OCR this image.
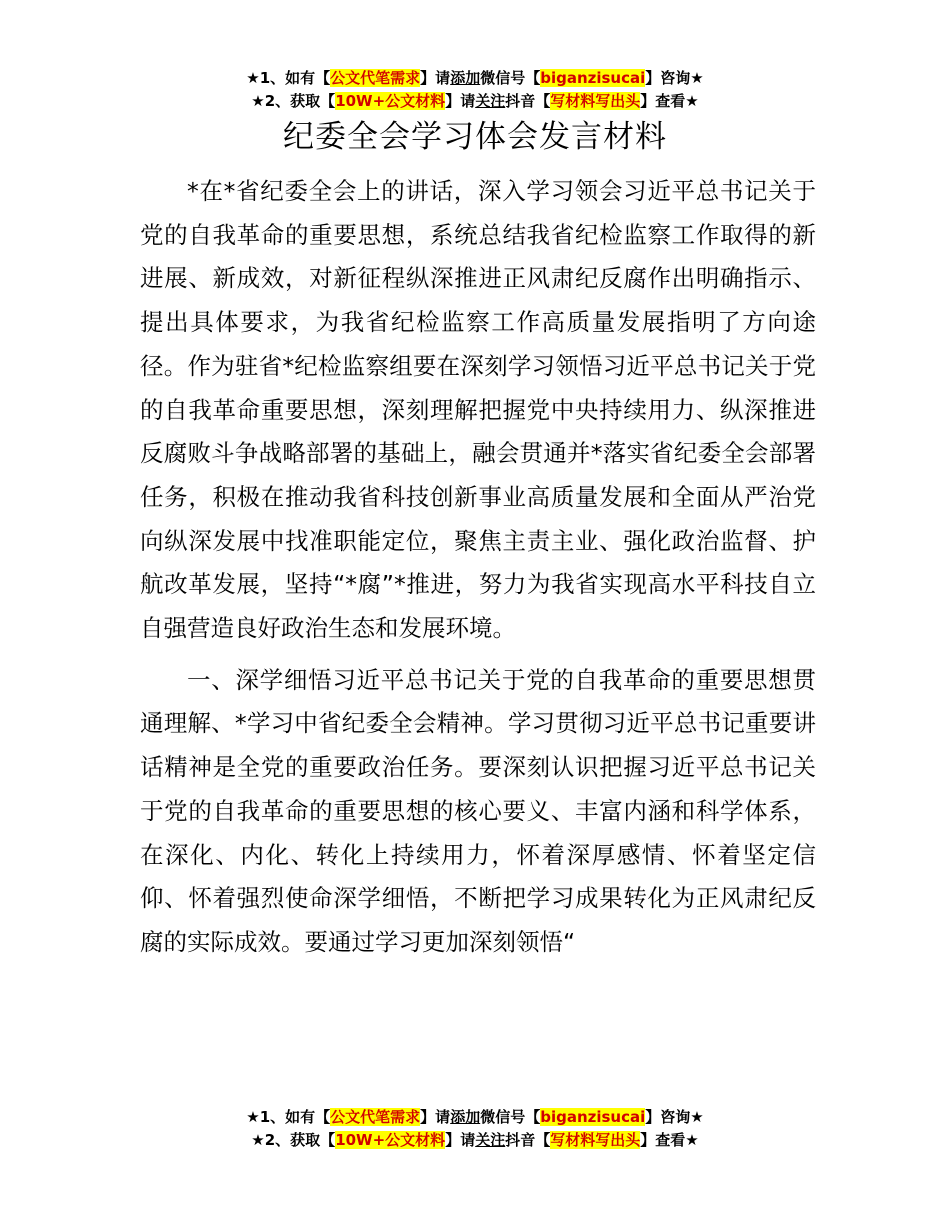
★1、如有【公文代笔需求】请添加微信号【biganzisucai】咨询★
★2、获取【10W+公文材料】请关注抖音【写材料写出头】查看★
纪委全会学习体会发言材料

*在*省纪委全会上的讲话，深入学习领会习近平总书记关于党的自我革命的重要思想，系统总结我省纪检监察工作取得的新进展、新成效，对新征程纵深推进正风肃纪反腐作出明确指示、提出具体要求，为我省纪检监察工作高质量发展指明了方向途径。作为驻省*纪检监察组要在深刻学习领悟习近平总书记关于党的自我革命重要思想，深刻理解把握党中央持续用力、纵深推进反腐败斗争战略部署的基础上，融会贯通并*落实省纪委全会部署任务，积极在推动我省科技创新事业高质量发展和全面从严治党向纵深发展中找准职能定位，聚焦主责主业、强化政治监督、护航改革发展，坚持“*腐”*推进，努力为我省实现高水平科技自立自强营造良好政治生态和发展环境。

一、深学细悟习近平总书记关于党的自我革命的重要思想贯通理解、*学习中省纪委全会精神。学习贯彻习近平总书记重要讲话精神是全党的重要政治任务。要深刻认识把握习近平总书记关于党的自我革命的重要思想的核心要义、丰富内涵和科学体系，在深化、内化、转化上持续用力，怀着深厚感情、怀着坚定信仰、怀着强烈使命深学细悟，不断把学习成果转化为正风肃纪反腐的实际成效。要通过学习更加深刻领悟“

★1、如有【公文代笔需求】请添加微信号【biganzisucai】咨询★
★2、获取【10W+公文材料】请关注抖音【写材料写出头】查看★
